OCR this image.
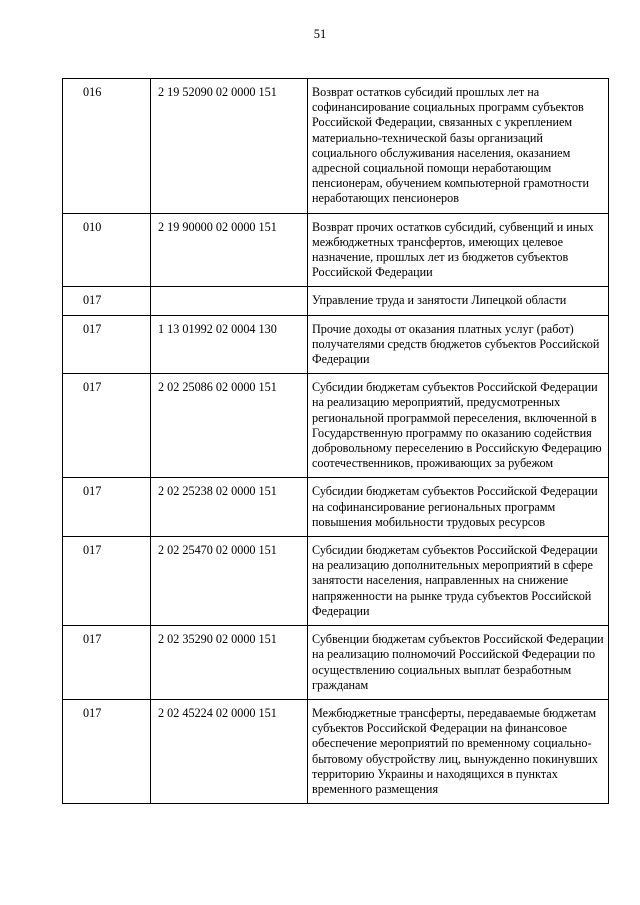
51
016	2 19 52090 02 0000 151	Возврат остатков субсидий прошлых лет на софинансирование социальных программ субъектов Российской Федерации, связанных с укреплением материально-технической базы организаций социального обслуживания населения, оказанием адресной социальной помощи неработающим пенсионерам, обучением компьютерной грамотности неработающих пенсионеров
010	2 19 90000 02 0000 151	Возврат прочих остатков субсидий, субвенций и иных межбюджетных трансфертов, имеющих целевое назначение, прошлых лет из бюджетов субъектов Российской Федерации
017		Управление труда и занятости Липецкой области
017	1 13 01992 02 0004 130	Прочие доходы от оказания платных услуг (работ) получателями средств бюджетов субъектов Российской Федерации
017	2 02 25086 02 0000 151	Субсидии бюджетам субъектов Российской Федерации на реализацию мероприятий, предусмотренных региональной программой переселения, включенной в Государственную программу по оказанию содействия добровольному переселению в Российскую Федерацию соотечественников, проживающих за рубежом
017	2 02 25238 02 0000 151	Субсидии бюджетам субъектов Российской Федерации на софинансирование региональных программ повышения мобильности трудовых ресурсов
017	2 02 25470 02 0000 151	Субсидии бюджетам субъектов Российской Федерации на реализацию дополнительных мероприятий в сфере занятости населения, направленных на снижение напряженности на рынке труда субъектов Российской Федерации
017	2 02 35290 02 0000 151	Субвенции бюджетам субъектов Российской Федерации на реализацию полномочий Российской Федерации по осуществлению социальных выплат безработным гражданам
017	2 02 45224 02 0000 151	Межбюджетные трансферты, передаваемые бюджетам субъектов Российской Федерации на финансовое обеспечение мероприятий по временному социально-бытовому обустройству лиц, вынужденно покинувших территорию Украины и находящихся в пунктах временного размещения
